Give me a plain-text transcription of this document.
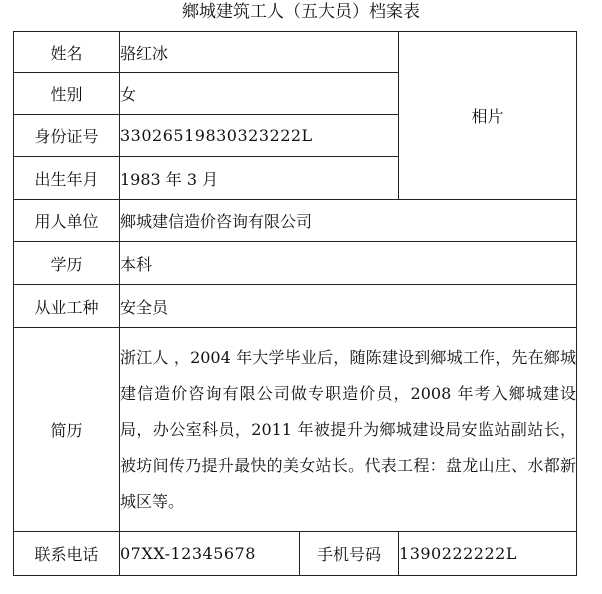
鄉城建筑工人（五大员）档案表
姓名	骆红冰		相片
性别	女		
身份证号	33026519830323222L		
出生年月	1983 年 3 月		
用人单位	鄉城建信造价咨询有限公司		
学历	本科		
从业工种	安全员		
简历	浙江人 ，2004 年大学毕业后，随陈建设到鄉城工作，先在鄉城建信造价咨询有限公司做专职造价员，2008 年考入鄉城建设局，办公室科员，2011 年被提升为鄉城建设局安监站副站长，被坊间传乃提升最快的美女站长。代表工程：盘龙山庄、水都新城区等。		
联系电话	07XX-12345678	手机号码	1390222222L
